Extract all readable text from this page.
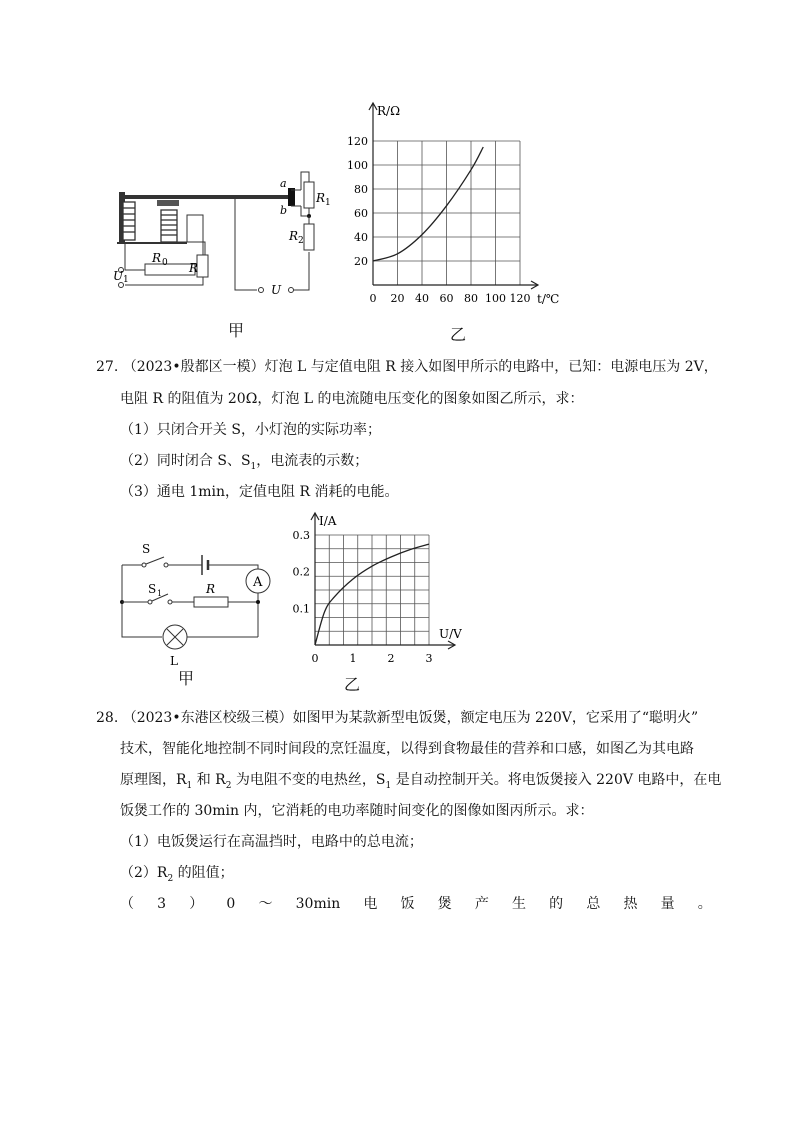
R 0 R
U 1
U
a
b
R 1
R 2
甲
0 20 40 60 80 100 120
20
40
60
80
100
120
R/Ω
t/℃
乙
27. （2023•殷都区一模）灯泡 L 与定值电阻 R 接入如图甲所示的电路中，已知：电源电压为 2V，
电阻 R 的阻值为 20Ω，灯泡 L 的电流随电压变化的图象如图乙所示，求：
（1）只闭合开关 S，小灯泡的实际功率；
（2）同时闭合 S、$S_1$，电流表的示数；
（3）通电 1min，定值电阻 R 消耗的电能。
S
A
S 1	R
L
甲
0	1	2	3
0.1
0.2
0.3
I/A
U/V
乙
28. （2023•东港区校级三模）如图甲为某款新型电饭煲，额定电压为 220V，它采用了“聪明火”
技术，智能化地控制不同时间段的烹饪温度，以得到食物最佳的营养和口感，如图乙为其电路
原理图，$R_1$ 和 $R_2$ 为电阻不变的电热丝，$S_1$ 是自动控制开关。将电饭煲接入 220V 电路中，在电
饭煲工作的 30min 内，它消耗的电功率随时间变化的图像如图丙所示。求：
（1）电饭煲运行在高温挡时，电路中的总电流；
$(2)R_2$ 的阻值；
（ 3 ） 0 ～ 30min 电 饭 煲 产 生 的 总 热 量 。
